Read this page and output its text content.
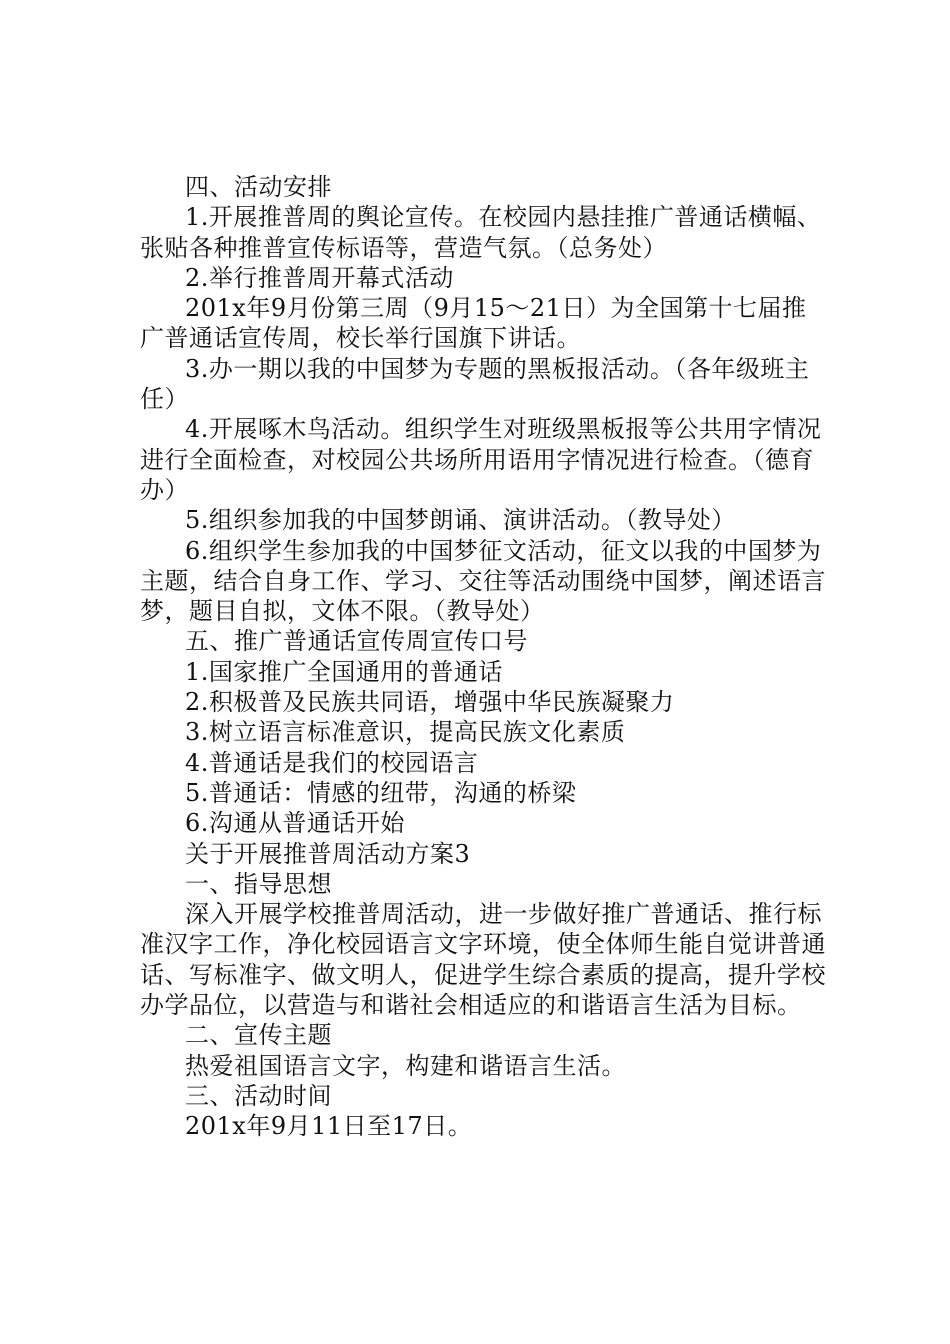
四、活动安排

1.开展推普周的舆论宣传。在校园内悬挂推广普通话横幅、张贴各种推普宣传标语等，营造气氛。（总务处）

2.举行推普周开幕式活动

201x年9月份第三周（9月15～21日）为全国第十七届推广普通话宣传周，校长举行国旗下讲话。

3.办一期以我的中国梦为专题的黑板报活动。（各年级班主任）

4.开展啄木鸟活动。组织学生对班级黑板报等公共用字情况进行全面检查，对校园公共场所用语用字情况进行检查。（德育办）

5.组织参加我的中国梦朗诵、演讲活动。（教导处）

6.组织学生参加我的中国梦征文活动，征文以我的中国梦为主题，结合自身工作、学习、交往等活动围绕中国梦，阐述语言梦，题目自拟，文体不限。（教导处）

五、推广普通话宣传周宣传口号

1.国家推广全国通用的普通话

2.积极普及民族共同语，增强中华民族凝聚力

3.树立语言标准意识，提高民族文化素质

4.普通话是我们的校园语言

5.普通话：情感的纽带，沟通的桥梁

6.沟通从普通话开始

关于开展推普周活动方案3

一、指导思想

深入开展学校推普周活动，进一步做好推广普通话、推行标准汉字工作，净化校园语言文字环境，使全体师生能自觉讲普通话、写标准字、做文明人，促进学生综合素质的提高，提升学校办学品位，以营造与和谐社会相适应的和谐语言生活为目标。

二、宣传主题

热爱祖国语言文字，构建和谐语言生活。

三、活动时间

201x年9月11日至17日。
